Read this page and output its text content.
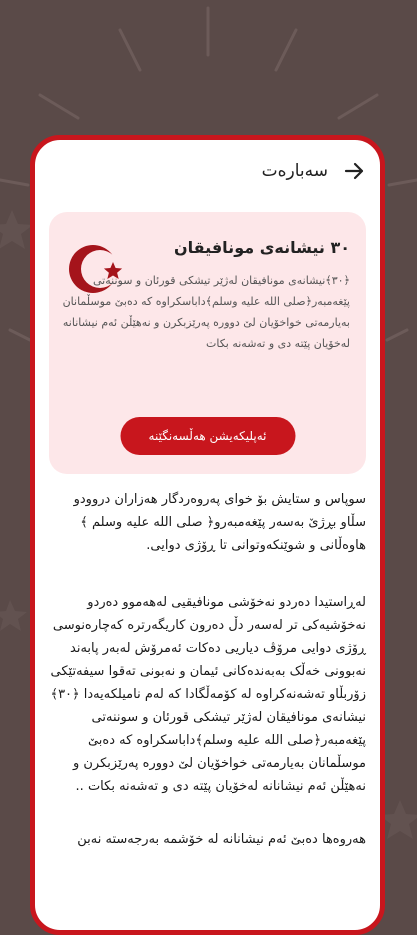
سەبارەت
٣٠ نیشانەی مونافیقان
﴿٣٠﴾نیشانەی مونافیقان لەژێر تیشکی قورئان و سوننەتی پێغەمبەر﴿صلی الله علیه وسلم﴾داباسکراوە کە دەبێ موسڵمانان بەیارمەتی خواخۆیان لێ دووره پەرێزبکرن و نەهێڵن ئەم نیشانانە لەخۆیان پێتە دی و تەشەنە بکات
ئەپلیکەیشن هەڵسەنگێنە

سوپاس و ستایش بۆ خوای پەروەردگار هەزاران دروودو سڵاو بڕژێ بەسەر پێغەمبەرو﴿ صلی الله علیه وسلم ﴾ هاوەڵانی و شوێنکەوتوانی تا ڕۆژی دوایی.

لەڕاستیدا دەردو نەخۆشی مونافیقیی لەهەموو دەردو نەخۆشیەکی تر لەسەر دڵ دەرون کاریگەرترە کەچارەنوسی ڕۆژی دوایی مرۆڤ دیاریی دەکات ئەمرۆش لەبەر پابەند نەبوونی خەڵک بەبەندەکانی ئیمان و نەبونی تەقوا سیفەتێکی زۆربڵاو تەشەنەکراوە لە کۆمەڵگادا کە لەم نامیلکەیەدا ﴿٣٠﴾ نیشانەی مونافیقان لەژێر تیشکی قورئان و سوننەتی پێغەمبەر﴿صلی الله علیه وسلم﴾داباسکراوە کە دەبێ موسڵمانان بەیارمەتی خواخۆیان لێ دووره پەرێزبکرن و نەهێڵن ئەم نیشانانە لەخۆیان پێتە دی و تەشەنە بکات ..

هەروەها دەبێ ئەم نیشانانە لە خۆشمە بەرجەستە نەبن
